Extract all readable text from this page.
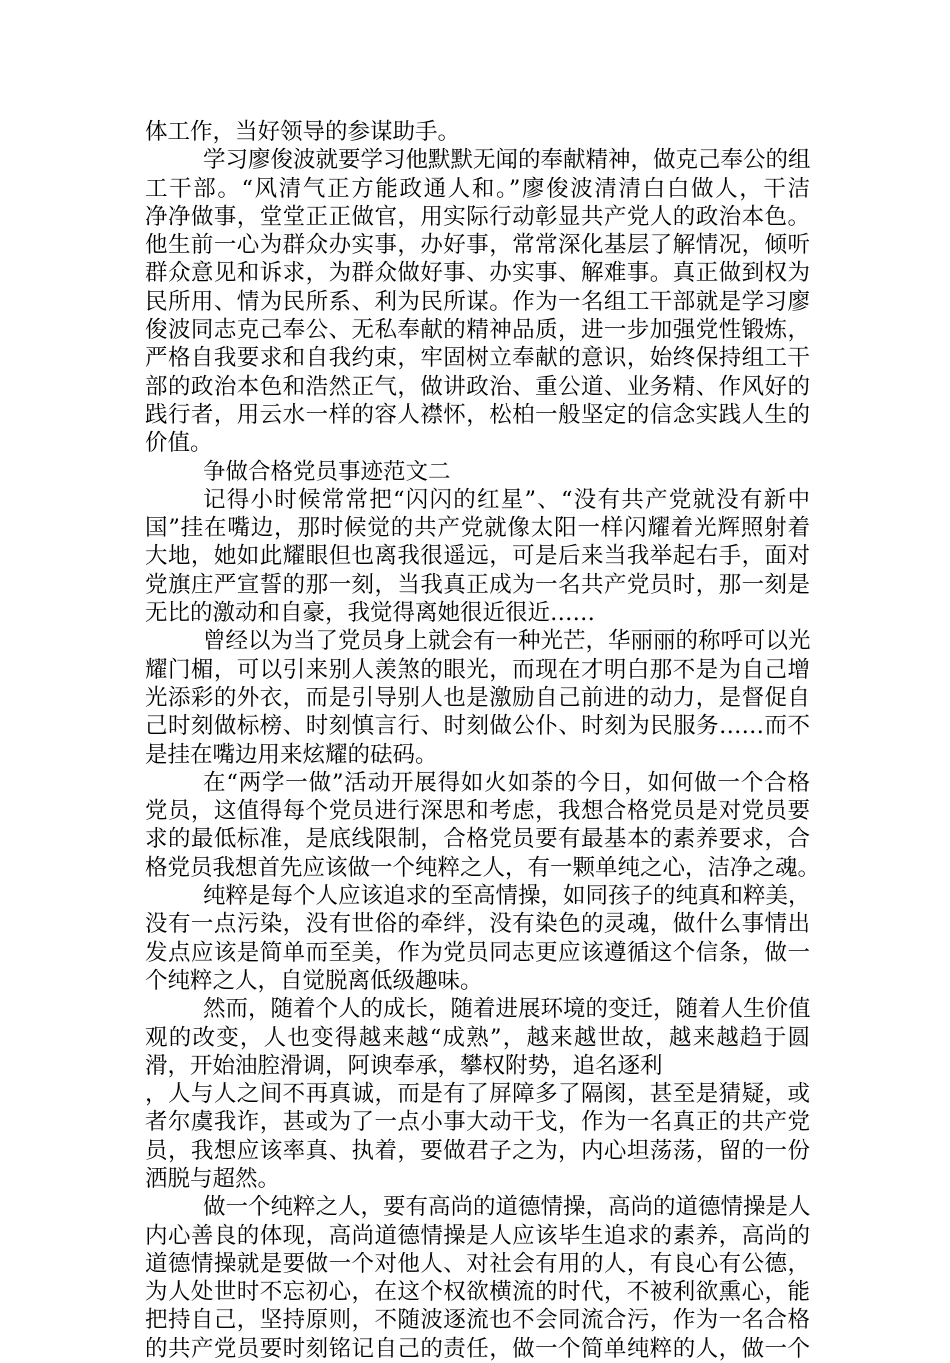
体工作，当好领导的参谋助手。
学习廖俊波就要学习他默默无闻的奉献精神，做克己奉公的组
工干部。“风清气正方能政通人和。”廖俊波清清白白做人，干洁
净净做事，堂堂正正做官，用实际行动彰显共产党人的政治本色。
他生前一心为群众办实事，办好事，常常深化基层了解情况，倾听
群众意见和诉求，为群众做好事、办实事、解难事。真正做到权为
民所用、情为民所系、利为民所谋。作为一名组工干部就是学习廖
俊波同志克己奉公、无私奉献的精神品质，进一步加强党性锻炼，
严格自我要求和自我约束，牢固树立奉献的意识，始终保持组工干
部的政治本色和浩然正气，做讲政治、重公道、业务精、作风好的
践行者，用云水一样的容人襟怀，松柏一般坚定的信念实践人生的
价值。
争做合格党员事迹范文二
记得小时候常常把“闪闪的红星”、“没有共产党就没有新中
国”挂在嘴边，那时候觉的共产党就像太阳一样闪耀着光辉照射着
大地，她如此耀眼但也离我很遥远，可是后来当我举起右手，面对
党旗庄严宣誓的那一刻，当我真正成为一名共产党员时，那一刻是
无比的激动和自豪，我觉得离她很近很近……
曾经以为当了党员身上就会有一种光芒，华丽丽的称呼可以光
耀门楣，可以引来别人羡煞的眼光，而现在才明白那不是为自己增
光添彩的外衣，而是引导别人也是激励自己前进的动力，是督促自
己时刻做标榜、时刻慎言行、时刻做公仆、时刻为民服务……而不
是挂在嘴边用来炫耀的砝码。
在“两学一做”活动开展得如火如荼的今日，如何做一个合格
党员，这值得每个党员进行深思和考虑，我想合格党员是对党员要
求的最低标准，是底线限制，合格党员要有最基本的素养要求，合
格党员我想首先应该做一个纯粹之人，有一颗单纯之心，洁净之魂。
纯粹是每个人应该追求的至高情操，如同孩子的纯真和粹美，
没有一点污染，没有世俗的牵绊，没有染色的灵魂，做什么事情出
发点应该是简单而至美，作为党员同志更应该遵循这个信条，做一
个纯粹之人，自觉脱离低级趣味。
然而，随着个人的成长，随着进展环境的变迁，随着人生价值
观的改变，人也变得越来越“成熟”，越来越世故，越来越趋于圆
滑，开始油腔滑调，阿谀奉承，攀权附势，追名逐利
，人与人之间不再真诚，而是有了屏障多了隔阂，甚至是猜疑，或
者尔虞我诈，甚或为了一点小事大动干戈，作为一名真正的共产党
员，我想应该率真、执着，要做君子之为，内心坦荡荡，留的一份
洒脱与超然。
做一个纯粹之人，要有高尚的道德情操，高尚的道德情操是人
内心善良的体现，高尚道德情操是人应该毕生追求的素养，高尚的
道德情操就是要做一个对他人、对社会有用的人，有良心有公德，
为人处世时不忘初心，在这个权欲横流的时代，不被利欲熏心，能
把持自己，坚持原则，不随波逐流也不会同流合污，作为一名合格
的共产党员要时刻铭记自己的责任，做一个简单纯粹的人，做一个
